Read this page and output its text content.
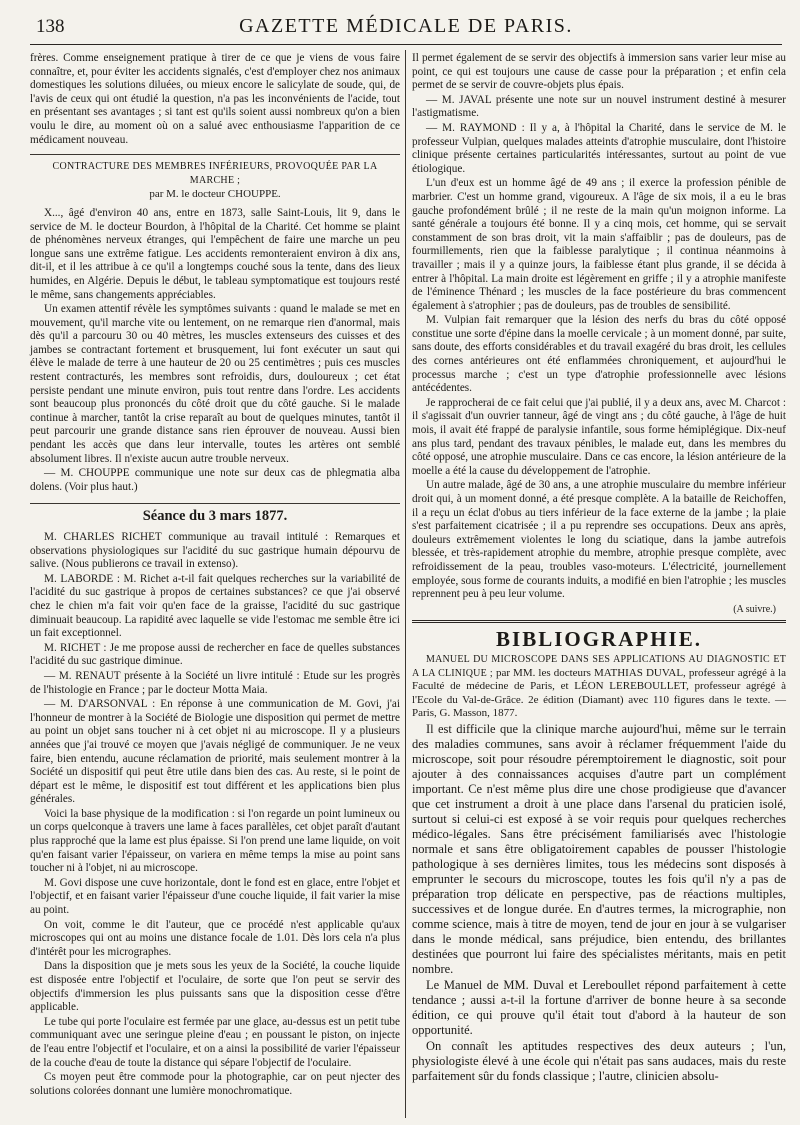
138	GAZETTE MÉDICALE DE PARIS.

frères. Comme enseignement pratique à tirer de ce que je viens de vous faire connaître, et, pour éviter les accidents signalés, c'est d'employer chez nos animaux domestiques les solutions diluées, ou mieux encore le salicylate de soude, qui, de l'avis de ceux qui ont étudié la question, n'a pas les inconvénients de l'acide, tout en présentant ses avantages ; si tant est qu'ils soient aussi nombreux qu'on a bien voulu le dire, au moment où on a salué avec enthousiasme l'apparition de ce médicament nouveau.

CONTRACTURE DES MEMBRES INFÉRIEURS, PROVOQUÉE PAR LA MARCHE ;
par M. le docteur CHOUPPE.

X..., âgé d'environ 40 ans, entre en 1873, salle Saint-Louis, lit 9, dans le service de M. le docteur Bourdon, à l'hôpital de la Charité. Cet homme se plaint de phénomènes nerveux étranges, qui l'empêchent de faire une marche un peu longue sans une extrême fatigue. Les accidents remonteraient environ à dix ans, dit-il, et il les attribue à ce qu'il a longtemps couché sous la tente, dans des lieux humides, en Algérie. Depuis le début, le tableau symptomatique est toujours resté le même, sans changements appréciables.

Un examen attentif révèle les symptômes suivants : quand le malade se met en mouvement, qu'il marche vite ou lentement, on ne remarque rien d'anormal, mais dès qu'il a parcouru 30 ou 40 mètres, les muscles extenseurs des cuisses et des jambes se contractant fortement et brusquement, lui font exécuter un saut qui élève le malade de terre à une hauteur de 20 ou 25 centimètres ; puis ces muscles restent contracturés, les membres sont refroidis, durs, douloureux ; cet état persiste pendant une minute environ, puis tout rentre dans l'ordre. Les accidents sont beaucoup plus prononcés du côté droit que du côté gauche. Si le malade continue à marcher, tantôt la crise reparaît au bout de quelques minutes, tantôt il peut parcourir une grande distance sans rien éprouver de nouveau. Aussi bien pendant les accès que dans leur intervalle, toutes les artères ont semblé absolument libres. Il n'existe aucun autre trouble nerveux.

— M. CHOUPPE communique une note sur deux cas de phlegmatia alba dolens. (Voir plus haut.)

Séance du 3 mars 1877.

M. CHARLES RICHET communique au travail intitulé : Remarques et observations physiologiques sur l'acidité du suc gastrique humain dépourvu de salive. (Nous publierons ce travail in extenso).

M. LABORDE : M. Richet a-t-il fait quelques recherches sur la variabilité de l'acidité du suc gastrique à propos de certaines substances? ce que j'ai observé chez le chien m'a fait voir qu'en face de la graisse, l'acidité du suc gastrique diminuait beaucoup. La rapidité avec laquelle se vide l'estomac me semble être ici un fait exceptionnel.

M. RICHET : Je me propose aussi de rechercher en face de quelles substances l'acidité du suc gastrique diminue.

— M. RENAUT présente à la Société un livre intitulé : Etude sur les progrès de l'histologie en France ; par le docteur Motta Maia.

— M. D'ARSONVAL : En réponse à une communication de M. Govi, j'ai l'honneur de montrer à la Société de Biologie une disposition qui permet de mettre au point un objet sans toucher ni à cet objet ni au microscope. Il y a plusieurs années que j'ai trouvé ce moyen que j'avais négligé de communiquer. Je ne veux faire, bien entendu, aucune réclamation de priorité, mais seulement montrer à la Société un dispositif qui peut être utile dans bien des cas. Au reste, si le point de départ est le même, le dispositif est tout différent et les applications bien plus générales.

Voici la base physique de la modification : si l'on regarde un point lumineux ou un corps quelconque à travers une lame à faces parallèles, cet objet paraît d'autant plus rapproché que la lame est plus épaisse. Si l'on prend une lame liquide, on voit qu'en faisant varier l'épaisseur, on variera en même temps la mise au point sans toucher ni à l'objet, ni au microscope.

M. Govi dispose une cuve horizontale, dont le fond est en glace, entre l'objet et l'objectif, et en faisant varier l'épaisseur d'une couche liquide, il fait varier la mise au point.

On voit, comme le dit l'auteur, que ce procédé n'est applicable qu'aux microscopes qui ont au moins une distance focale de 1.01. Dès lors cela n'a plus d'intérêt pour les micrographes.

Dans la disposition que je mets sous les yeux de la Société, la couche liquide est disposée entre l'objectif et l'oculaire, de sorte que l'on peut se servir des objectifs d'immersion les plus puissants sans que la disposition cesse d'être applicable.

Le tube qui porte l'oculaire est fermée par une glace, au-dessus est un petit tube communiquant avec une seringue pleine d'eau ; en poussant le piston, on injecte de l'eau entre l'objectif et l'oculaire, et on a ainsi la possibilité de varier l'épaisseur de la couche d'eau de toute la distance qui sépare l'objectif de l'oculaire.

Cs moyen peut être commode pour la photographie, car on peut njecter des solutions colorées donnant une lumière monochromatique.

Il permet également de se servir des objectifs à immersion sans varier leur mise au point, ce qui est toujours une cause de casse pour la préparation ; et enfin cela permet de se servir de couvre-objets plus épais.

— M. JAVAL présente une note sur un nouvel instrument destiné à mesurer l'astigmatisme.

— M. RAYMOND : Il y a, à l'hôpital la Charité, dans le service de M. le professeur Vulpian, quelques malades atteints d'atrophie musculaire, dont l'histoire clinique présente certaines particularités intéressantes, surtout au point de vue étiologique.

L'un d'eux est un homme âgé de 49 ans ; il exerce la profession pénible de marbrier. C'est un homme grand, vigoureux. A l'âge de six mois, il a eu le bras gauche profondément brûlé ; il ne reste de la main qu'un moignon informe. La santé générale a toujours été bonne. Il y a cinq mois, cet homme, qui se servait constamment de son bras droit, vit la main s'affaiblir ; pas de douleurs, pas de fourmillements, rien que la faiblesse paralytique ; il continua néanmoins à travailler ; mais il y a quinze jours, la faiblesse étant plus grande, il se décida à entrer à l'hôpital. La main droite est légèrement en griffe ; il y a atrophie manifeste de l'éminence Thénard ; les muscles de la face postérieure du bras commencent également à s'atrophier ; pas de douleurs, pas de troubles de sensibilité.

M. Vulpian fait remarquer que la lésion des nerfs du bras du côté opposé constitue une sorte d'épine dans la moelle cervicale ; à un moment donné, par suite, sans doute, des efforts considérables et du travail exagéré du bras droit, les cellules des cornes antérieures ont été enflammées chroniquement, et aujourd'hui le processus marche ; c'est un type d'atrophie professionnelle avec lésions antécédentes.

Je rapprocherai de ce fait celui que j'ai publié, il y a deux ans, avec M. Charcot : il s'agissait d'un ouvrier tanneur, âgé de vingt ans ; du côté gauche, à l'âge de huit mois, il avait été frappé de paralysie infantile, sous forme hémiplégique. Dix-neuf ans plus tard, pendant des travaux pénibles, le malade eut, dans les membres du côté opposé, une atrophie musculaire. Dans ce cas encore, la lésion antérieure de la moelle a été la cause du développement de l'atrophie.

Un autre malade, âgé de 30 ans, a une atrophie musculaire du membre inférieur droit qui, à un moment donné, a été presque complète. A la bataille de Reichoffen, il a reçu un éclat d'obus au tiers inférieur de la face externe de la jambe ; la plaie s'est parfaitement cicatrisée ; il a pu reprendre ses occupations. Deux ans après, douleurs extrêmement violentes le long du sciatique, dans la jambe autrefois blessée, et très-rapidement atrophie du membre, atrophie presque complète, avec refroidissement de la peau, troubles vaso-moteurs. L'électricité, journellement employée, sous forme de courants induits, a modifié en bien l'atrophie ; les muscles reprennent peu à peu leur volume.

(A suivre.)
BIBLIOGRAPHIE.

MANUEL DU MICROSCOPE DANS SES APPLICATIONS AU DIAGNOSTIC ET A LA CLINIQUE ; par MM. les docteurs MATHIAS DUVAL, professeur agrégé à la Faculté de médecine de Paris, et LÉON LEREBOULLET, professeur agrégé à l'Ecole du Val-de-Grâce. 2e édition (Diamant) avec 110 figures dans le texte. — Paris, G. Masson, 1877.

Il est difficile que la clinique marche aujourd'hui, même sur le terrain des maladies communes, sans avoir à réclamer fréquemment l'aide du microscope, soit pour résoudre péremptoirement le diagnostic, soit pour ajouter à des connaissances acquises d'autre part un complément important. Ce n'est même plus dire une chose prodigieuse que d'avancer que cet instrument a droit à une place dans l'arsenal du praticien isolé, surtout si celui-ci est exposé à se voir requis pour quelques recherches médico-légales. Sans être précisément familiarisés avec l'histologie normale et sans être obligatoirement capables de pousser l'histologie pathologique à ses dernières limites, tous les médecins sont disposés à emprunter le secours du microscope, toutes les fois qu'il n'y a pas de préparation trop délicate en perspective, pas de réactions multiples, successives et de longue durée. En d'autres termes, la micrographie, non comme science, mais à titre de moyen, tend de jour en jour à se vulgariser dans le monde médical, sans préjudice, bien entendu, des brillantes destinées que pourront lui faire des spécialistes méritants, mais en petit nombre.

Le Manuel de MM. Duval et Lereboullet répond parfaitement à cette tendance ; aussi a-t-il la fortune d'arriver de bonne heure à sa seconde édition, ce qui prouve qu'il était tout d'abord à la hauteur de son opportunité.

On connaît les aptitudes respectives des deux auteurs ; l'un, physiologiste élevé à une école qui n'était pas sans audaces, mais du reste parfaitement sûr du fonds classique ; l'autre, clinicien absolu-
